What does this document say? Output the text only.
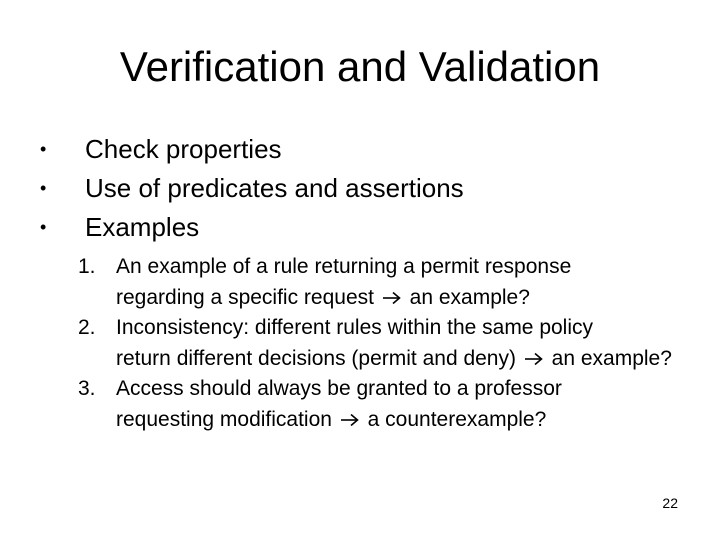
Verification and Validation
•	Check properties
•	Use of predicates and assertions
•	Examples
1. An example of a rule returning a permit response
regarding a specific request an example?
2. Inconsistency: different rules within the same policy
return different decisions (permit and deny) an example?
3. Access should always be granted to a professor
requesting modification a counterexample?
22
